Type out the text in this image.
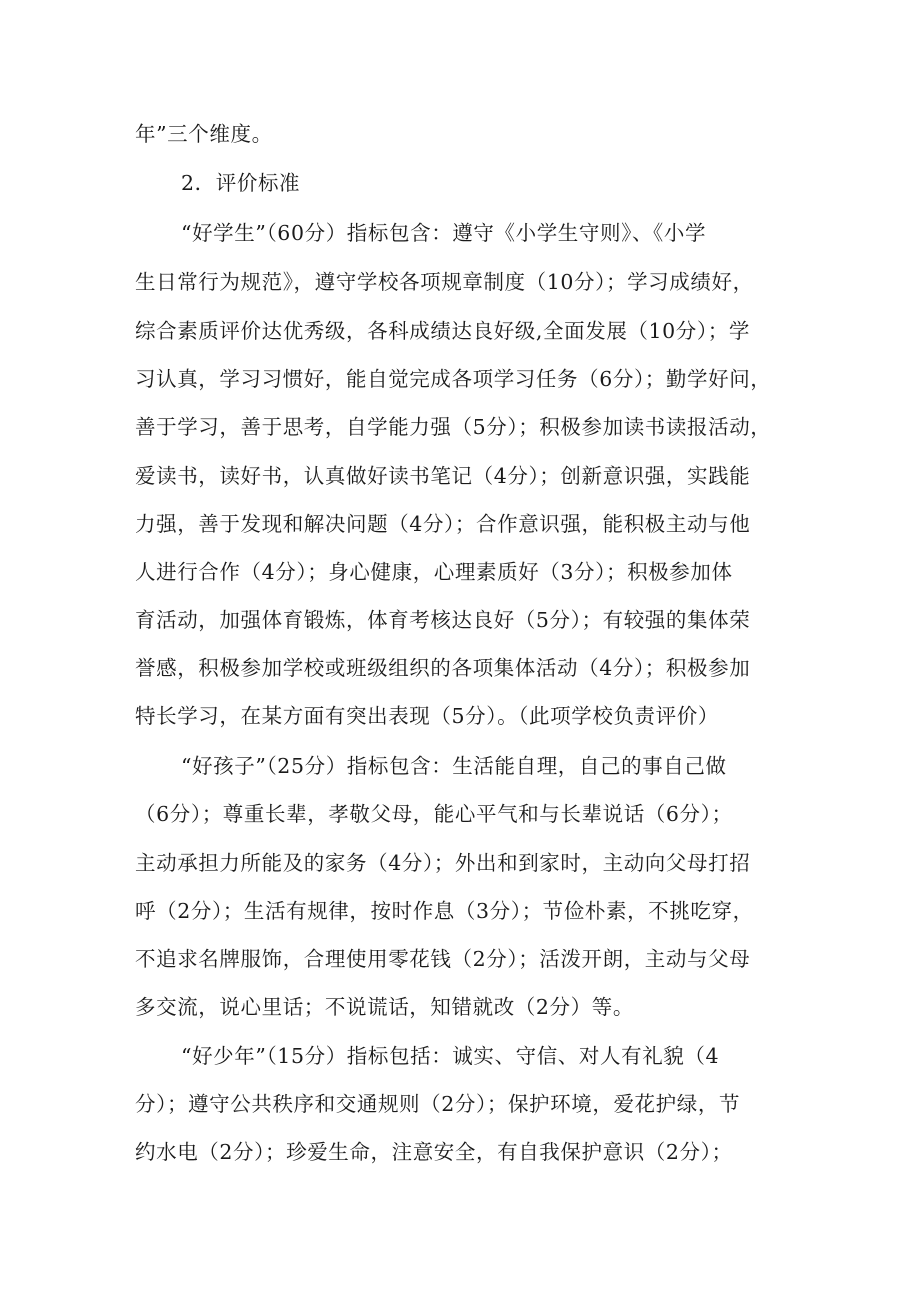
年”三个维度。
2．评价标准
“好学生”（60分）指标包含：遵守《小学生守则》、《小学
生日常行为规范》，遵守学校各项规章制度（10分）；学习成绩好，
综合素质评价达优秀级，各科成绩达良好级,全面发展（10分）；学
习认真，学习习惯好，能自觉完成各项学习任务（6分）；勤学好问，
善于学习，善于思考，自学能力强（5分）；积极参加读书读报活动，
爱读书，读好书，认真做好读书笔记（4分）；创新意识强，实践能
力强，善于发现和解决问题（4分）；合作意识强，能积极主动与他
人进行合作（4分）；身心健康，心理素质好（3分）；积极参加体
育活动，加强体育锻炼，体育考核达良好（5分）；有较强的集体荣
誉感，积极参加学校或班级组织的各项集体活动（4分）；积极参加
特长学习，在某方面有突出表现（5分）。（此项学校负责评价）
“好孩子”（25分）指标包含：生活能自理，自己的事自己做
（6分）；尊重长辈，孝敬父母，能心平气和与长辈说话（6分）；
主动承担力所能及的家务（4分）；外出和到家时，主动向父母打招
呼（2分）；生活有规律，按时作息（3分）；节俭朴素，不挑吃穿，
不追求名牌服饰，合理使用零花钱（2分）；活泼开朗，主动与父母
多交流，说心里话；不说谎话，知错就改（2分）等。
“好少年”（15分）指标包括：诚实、守信、对人有礼貌（4
分）；遵守公共秩序和交通规则（2分）；保护环境，爱花护绿，节
约水电（2分）；珍爱生命，注意安全，有自我保护意识（2分）；
